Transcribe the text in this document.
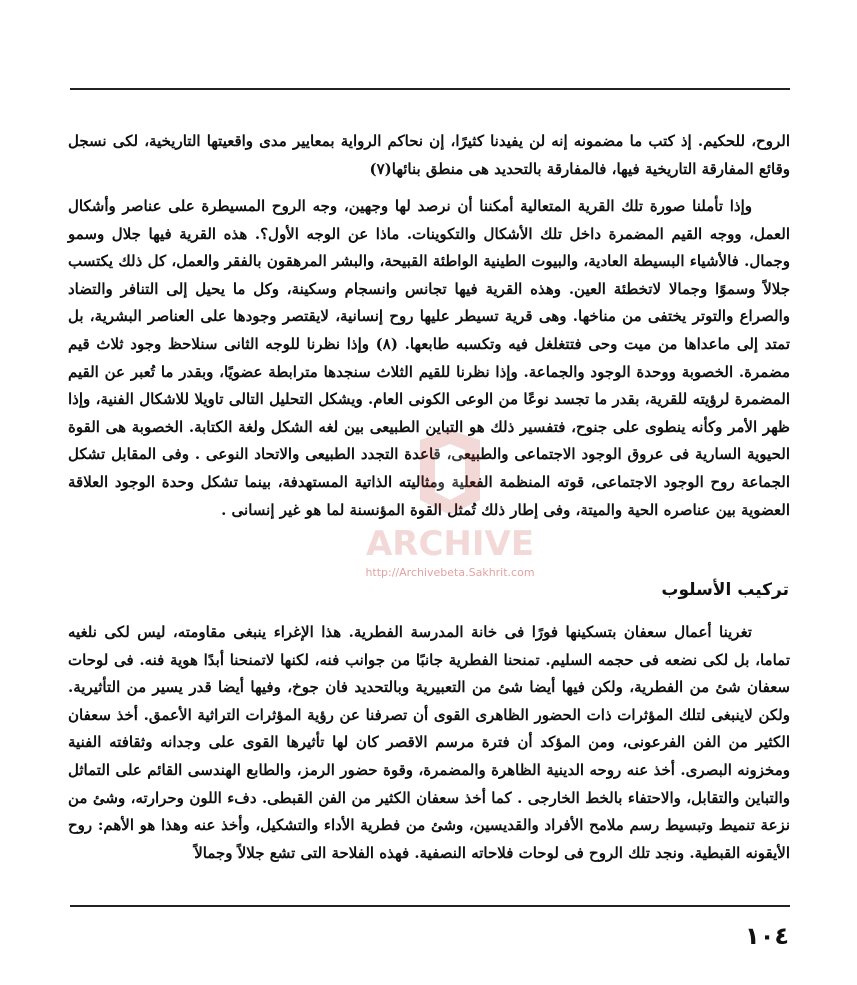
الروح، للحكيم. إذ كتب ما مضمونه إنه لن يفيدنا كثيرًا، إن نحاكم الرواية بمعايير مدى واقعيتها التاريخية، لكى نسجل وقائع المفارقة التاريخية فيها، فالمفارقة بالتحديد هى منطق بنائها(٧)

وإذا تأملنا صورة تلك القرية المتعالية أمكننا أن نرصد لها وجهين، وجه الروح المسيطرة على عناصر وأشكال العمل، ووجه القيم المضمرة داخل تلك الأشكال والتكوينات. ماذا عن الوجه الأول؟. هذه القرية فيها جلال وسمو وجمال. فالأشياء البسيطة العادية، والبيوت الطينية الواطئة القبيحة، والبشر المرهقون بالفقر والعمل، كل ذلك يكتسب جلالاً وسموًا وجمالا لاتخطئة العين. وهذه القرية فيها تجانس وانسجام وسكينة، وكل ما يحيل إلى التنافر والتضاد والصراع والتوتر يختفى من مناخها. وهى قرية تسيطر عليها روح إنسانية، لايقتصر وجودها على العناصر البشرية، بل تمتد إلى ماعداها من ميت وحى فتتغلغل فيه وتكسبه طابعها. (٨) وإذا نظرنا للوجه الثانى سنلاحظ وجود ثلاث قيم مضمرة. الخصوبة ووحدة الوجود والجماعة. وإذا نظرنا للقيم الثلاث سنجدها مترابطة عضويًا، وبقدر ما تُعبر عن القيم المضمرة لرؤيته للقرية، بقدر ما تجسد نوعًا من الوعى الكونى العام. ويشكل التحليل التالى تاويلا للاشكال الفنية، وإذا ظهر الأمر وكأنه ينطوى على جنوح، فتفسير ذلك هو التباين الطبيعى بين لغه الشكل ولغة الكتابة. الخصوبة هى القوة الحيوية السارية فى عروق الوجود الاجتماعى والطبيعى، قاعدة التجدد الطبيعى والاتحاد النوعى . وفى المقابل تشكل الجماعة روح الوجود الاجتماعى، قوته المنظمة الفعلية ومثاليته الذاتية المستهدفة، بينما تشكل وحدة الوجود العلاقة العضوية بين عناصره الحية والميتة، وفى إطار ذلك تُمثل القوة المؤنسنة لما هو غير إنسانى .

تركيب الأسلوب

تغرينا أعمال سعفان بتسكينها فورًا فى خانة المدرسة الفطرية. هذا الإغراء ينبغى مقاومته، ليس لكى نلغيه تماما، بل لكى نضعه فى حجمه السليم. تمنحنا الفطرية جانبًا من جوانب فنه، لكنها لاتمنحنا أبدًا هوية فنه. فى لوحات سعفان شئ من الفطرية، ولكن فيها أيضا شئ من التعبيرية وبالتحديد فان جوخ، وفيها أيضا قدر يسير من التأثيرية. ولكن لاينبغى لتلك المؤثرات ذات الحضور الظاهرى القوى أن تصرفنا عن رؤية المؤثرات التراثية الأعمق. أخذ سعفان الكثير من الفن الفرعونى، ومن المؤكد أن فترة مرسم الاقصر كان لها تأثيرها القوى على وجدانه وثقافته الفنية ومخزونه البصرى. أخذ عنه روحه الدينية الظاهرة والمضمرة، وقوة حضور الرمز، والطابع الهندسى القائم على التماثل والتباين والتقابل، والاحتفاء بالخط الخارجى . كما أخذ سعفان الكثير من الفن القبطى. دفء اللون وحرارته، وشئ من نزعة تنميط وتبسيط رسم ملامح الأفراد والقديسين، وشئ من فطرية الأداء والتشكيل، وأخذ عنه وهذا هو الأهم: روح الأيقونه القبطية. ونجد تلك الروح فى لوحات فلاحاته النصفية. فهذه الفلاحة التى تشع جلالاً وجمالاً

١٠٤
ARCHIVE
http://Archivebeta.Sakhrit.com
